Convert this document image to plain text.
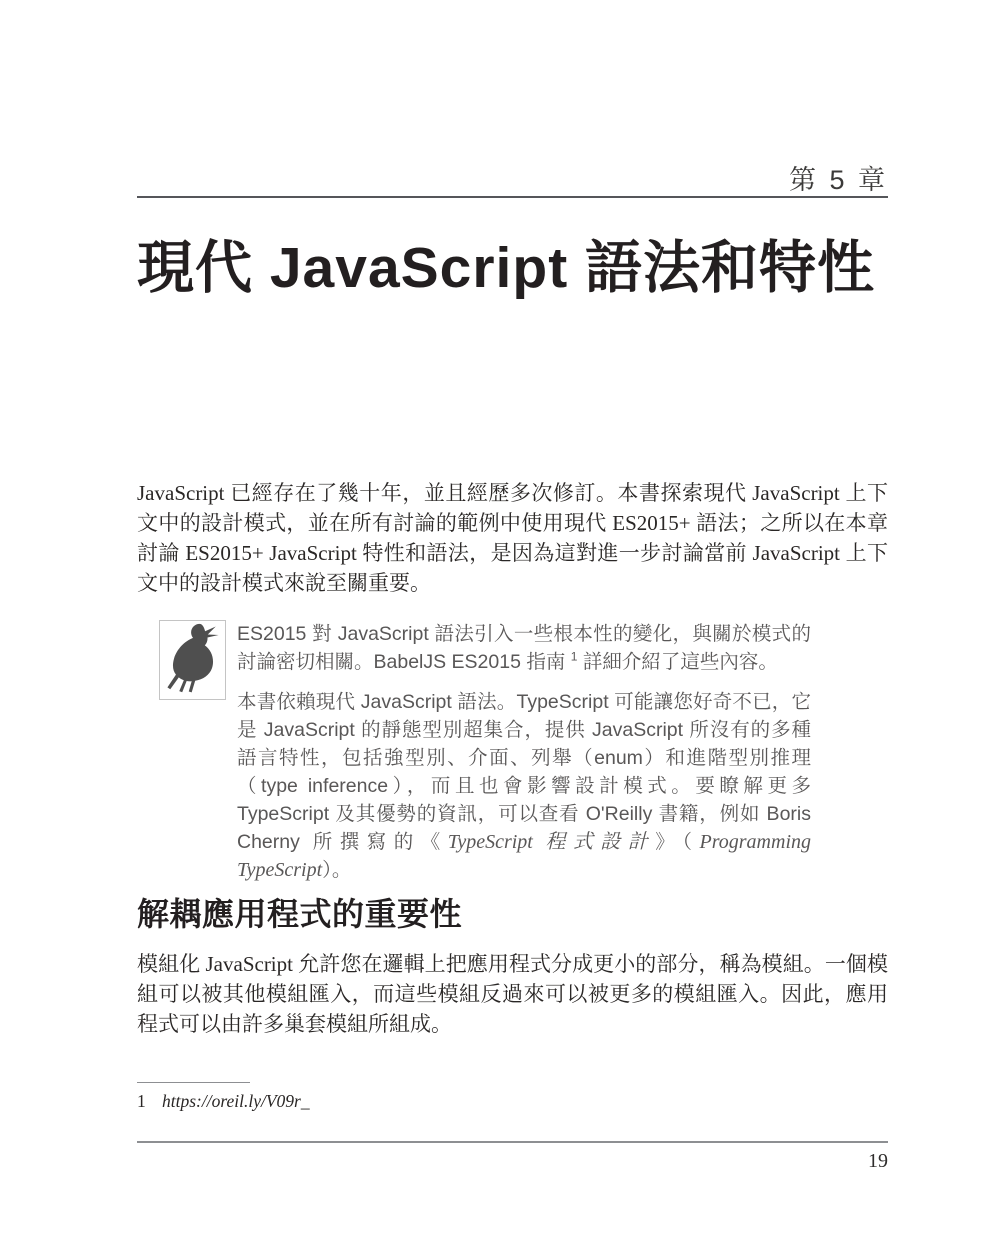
第 5 章
現代 JavaScript 語法和特性

JavaScript 已經存在了幾十年，並且經歷多次修訂。本書探索現代 JavaScript 上下文中的設計模式，並在所有討論的範例中使用現代 ES2015+ 語法；之所以在本章討論 ES2015+ JavaScript 特性和語法，是因為這對進一步討論當前 JavaScript 上下文中的設計模式來說至關重要。

ES2015 對 JavaScript 語法引入一些根本性的變化，與關於模式的討論密切相關。BabelJS ES2015 指南 $^1$ 詳細介紹了這些內容。

本書依賴現代 JavaScript 語法。TypeScript 可能讓您好奇不已，它是 JavaScript 的靜態型別超集合，提供 JavaScript 所沒有的多種語言特性，包括強型別、介面、列舉（enum）和進階型別推理（type inference），而且也會影響設計模式。要瞭解更多 TypeScript 及其優勢的資訊，可以查看 O'Reilly 書籍，例如 Boris Cherny 所撰寫的《TypeScript 程式設計》（Programming TypeScript）。

解耦應用程式的重要性

模組化 JavaScript 允許您在邏輯上把應用程式分成更小的部分，稱為模組。一個模組可以被其他模組匯入，而這些模組反過來可以被更多的模組匯入。因此，應用程式可以由許多巢套模組所組成。

1 https://oreil.ly/V09r_
19
